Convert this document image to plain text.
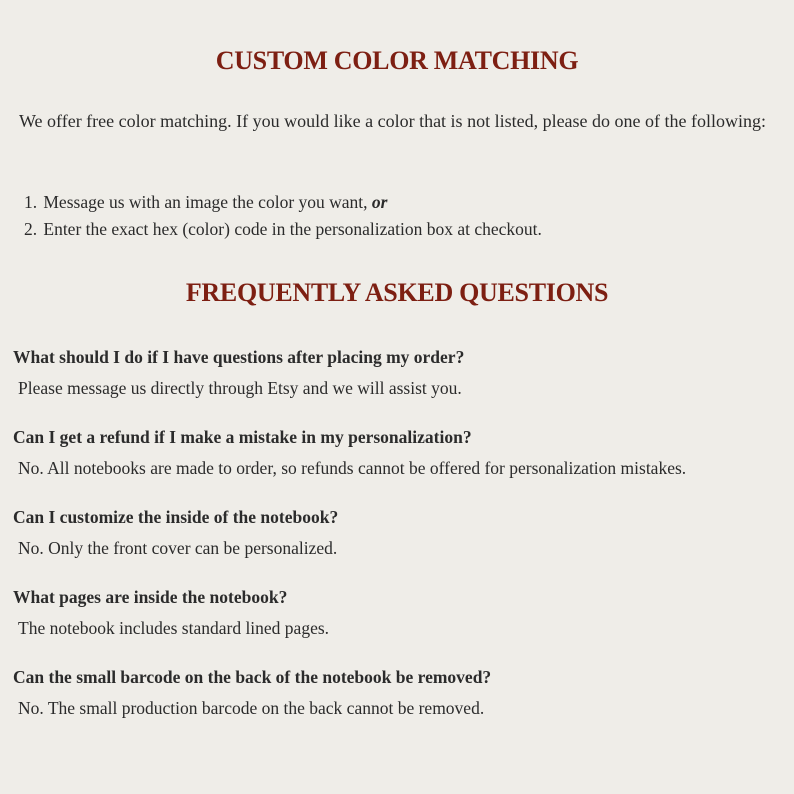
CUSTOM COLOR MATCHING

We offer free color matching. If you would like a color that is not listed, please do one of the following:

1. Message us with an image the color you want, or
2. Enter the exact hex (color) code in the personalization box at checkout.
FREQUENTLY ASKED QUESTIONS

What should I do if I have questions after placing my order?

Please message us directly through Etsy and we will assist you.

Can I get a refund if I make a mistake in my personalization?

No. All notebooks are made to order, so refunds cannot be offered for personalization mistakes.

Can I customize the inside of the notebook?

No. Only the front cover can be personalized.

What pages are inside the notebook?

The notebook includes standard lined pages.

Can the small barcode on the back of the notebook be removed?

No. The small production barcode on the back cannot be removed.
